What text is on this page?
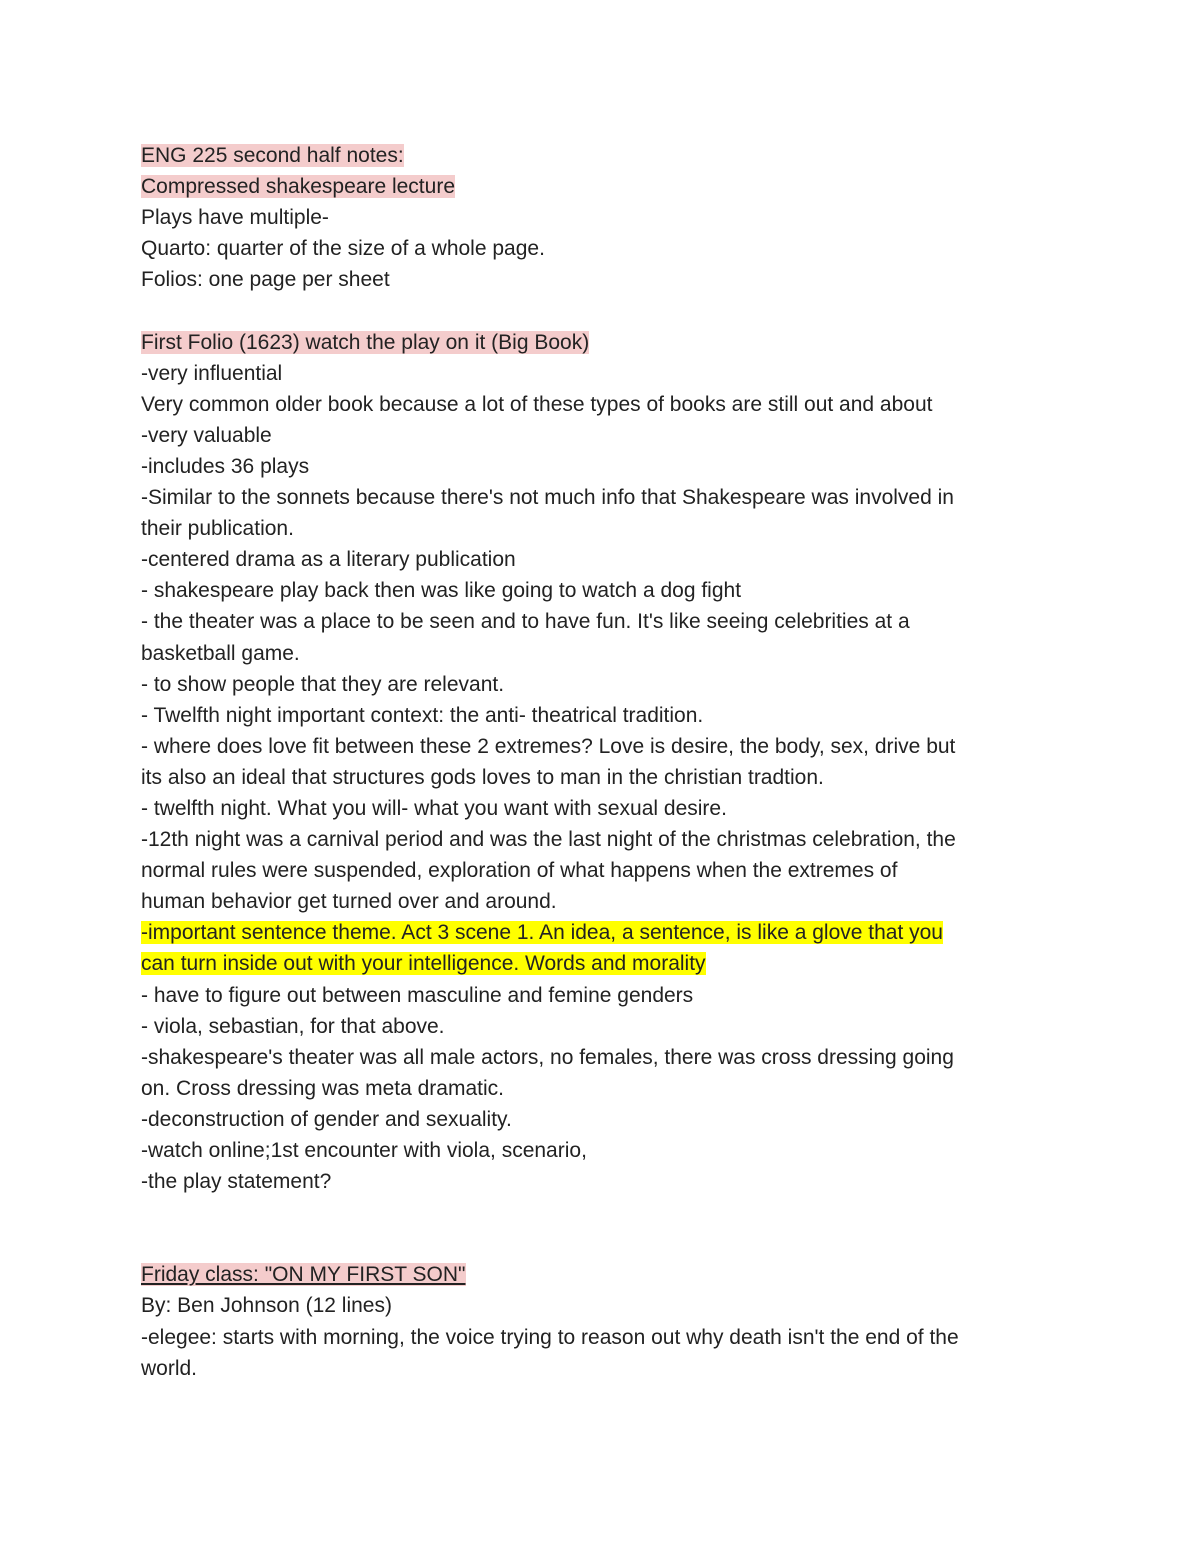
ENG 225 second half notes:
Compressed shakespeare lecture
Plays have multiple-
Quarto: quarter of the size of a whole page.
Folios: one page per sheet
First Folio (1623) watch the play on it (Big Book)
-very influential
Very common older book because a lot of these types of books are still out and about
-very valuable
-includes 36 plays
-Similar to the sonnets because there's not much info that Shakespeare was involved in
their publication.
-centered drama as a literary publication
- shakespeare play back then was like going to watch a dog fight
- the theater was a place to be seen and to have fun. It's like seeing celebrities at a
basketball game.
- to show people that they are relevant.
- Twelfth night important context: the anti- theatrical tradition.
- where does love fit between these 2 extremes? Love is desire, the body, sex, drive but
its also an ideal that structures gods loves to man in the christian tradtion.
- twelfth night. What you will- what you want with sexual desire.
-12th night was a carnival period and was the last night of the christmas celebration, the
normal rules were suspended, exploration of what happens when the extremes of
human behavior get turned over and around.
-important sentence theme. Act 3 scene 1. An idea, a sentence, is like a glove that you
can turn inside out with your intelligence. Words and morality
- have to figure out between masculine and femine genders
- viola, sebastian, for that above.
-shakespeare's theater was all male actors, no females, there was cross dressing going
on. Cross dressing was meta dramatic.
-deconstruction of gender and sexuality.
-watch online;1st encounter with viola, scenario,
-the play statement?
Friday class: "ON MY FIRST SON"
By: Ben Johnson (12 lines)
-elegee: starts with morning, the voice trying to reason out why death isn't the end of the
world.
